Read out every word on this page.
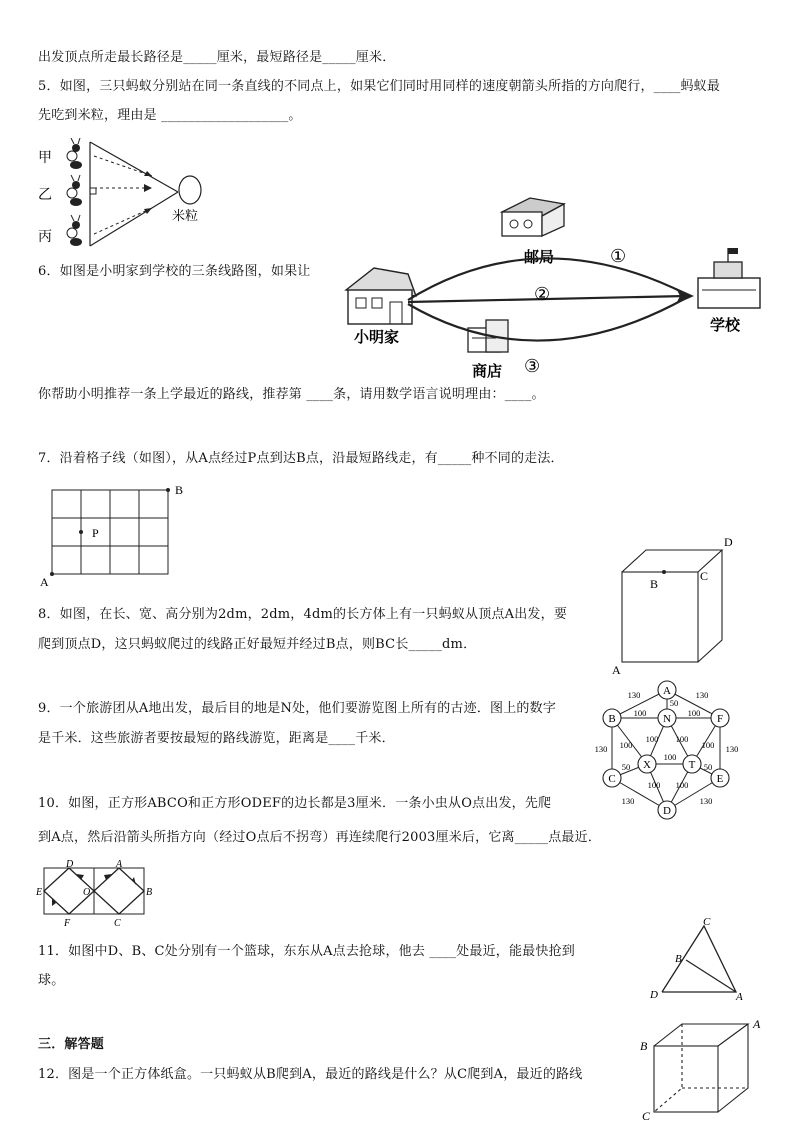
出发顶点所走最长路径是_____厘米，最短路径是_____厘米．
5．如图，三只蚂蚁分别站在同一条直线的不同点上，如果它们同时用同样的速度朝箭头所指的方向爬行，____蚂蚁最
先吃到米粒，理由是 ___________________。
6．如图是小明家到学校的三条线路图，如果让
你帮助小明推荐一条上学最近的路线，推荐第 ____条，请用数学语言说明理由：____。
7．沿着格子线（如图），从A点经过P点到达B点，沿最短路线走，有_____种不同的走法．
8．如图，在长、宽、高分别为2dm，2dm，4dm的长方体上有一只蚂蚁从顶点A出发，要
爬到顶点D，这只蚂蚁爬过的线路正好最短并经过B点，则BC长_____dm．
9．一个旅游团从A地出发，最后目的地是N处，他们要游览图上所有的古迹．图上的数字
是千米．这些旅游者要按最短的路线游览，距离是____千米．
10．如图，正方形ABCO和正方形ODEF的边长都是3厘米．一条小虫从O点出发，先爬
到A点，然后沿箭头所指方向（经过O点后不拐弯）再连续爬行2003厘米后，它离_____点最近．
11．如图中D、B、C处分别有一个篮球，东东从A点去抢球，他去 ____处最近，能最快抢到
球。
三．解答题
12．图是一个正方体纸盒。一只蚂蚁从B爬到A，最近的路线是什么？从C爬到A，最近的路线
甲
乙
丙
米粒
小明家
邮局
商店
学校
①
②
③
A
B
P
B
C
D
A
A
B	F
N
C
X	T
E
D
130	130
50
100	100
130	130
100
100 100
100
100
50	50
130	130
100 100
D	A
E	O	B
F	C	C
B
D	A
A
B
C
